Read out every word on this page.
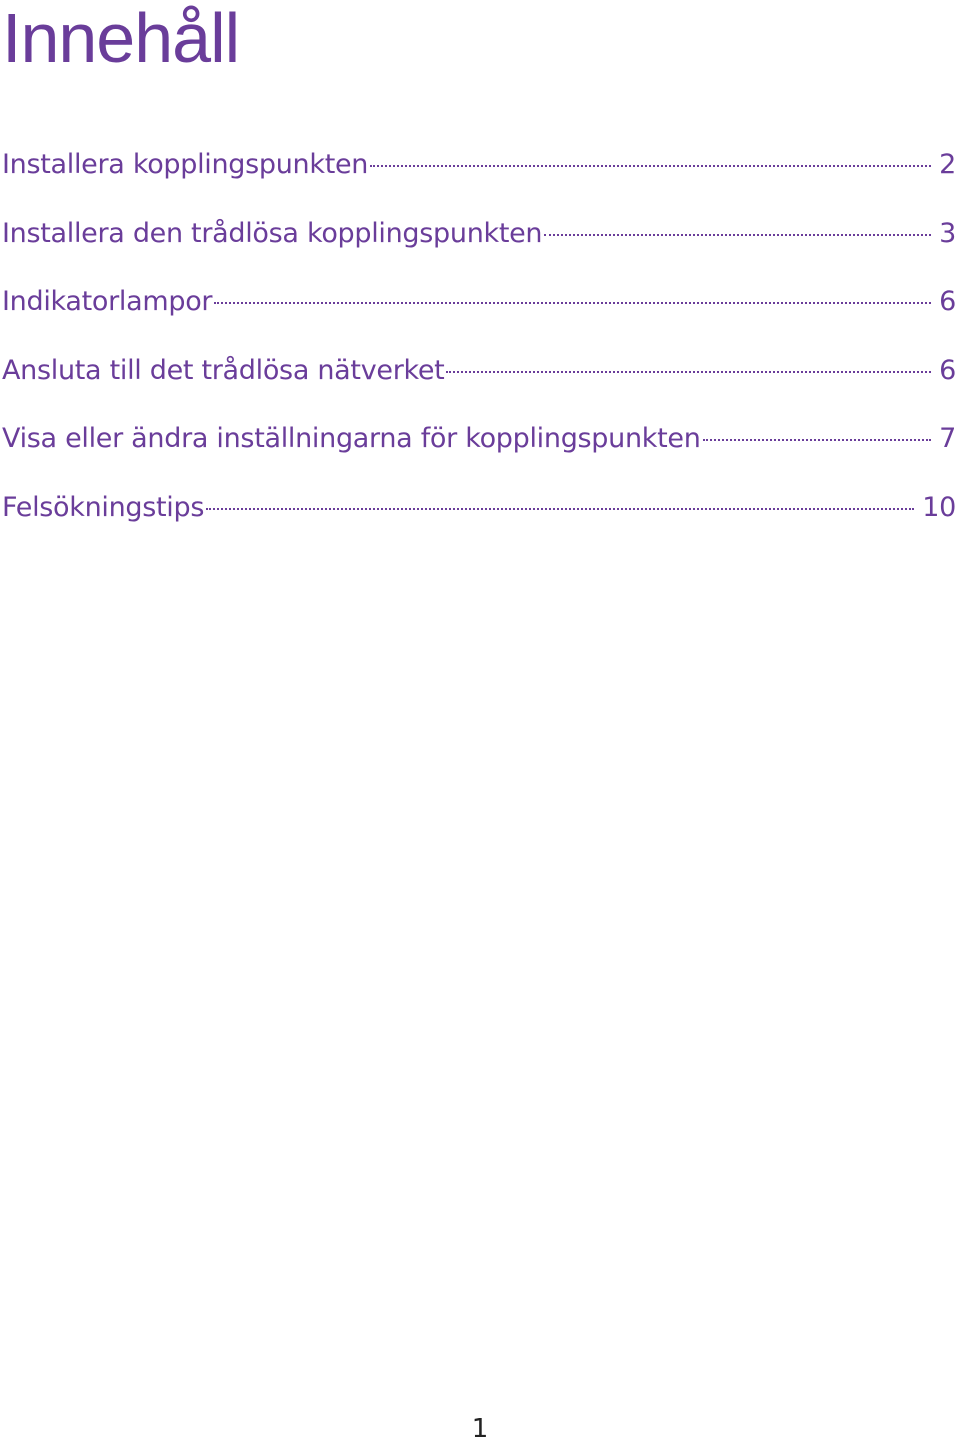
Innehåll
Installera kopplingspunkten	2
Installera den trådlösa kopplingspunkten	3
Indikatorlampor	6
Ansluta till det trådlösa nätverket	6
Visa eller ändra inställningarna för kopplingspunkten	7
Felsökningstips	10
1
